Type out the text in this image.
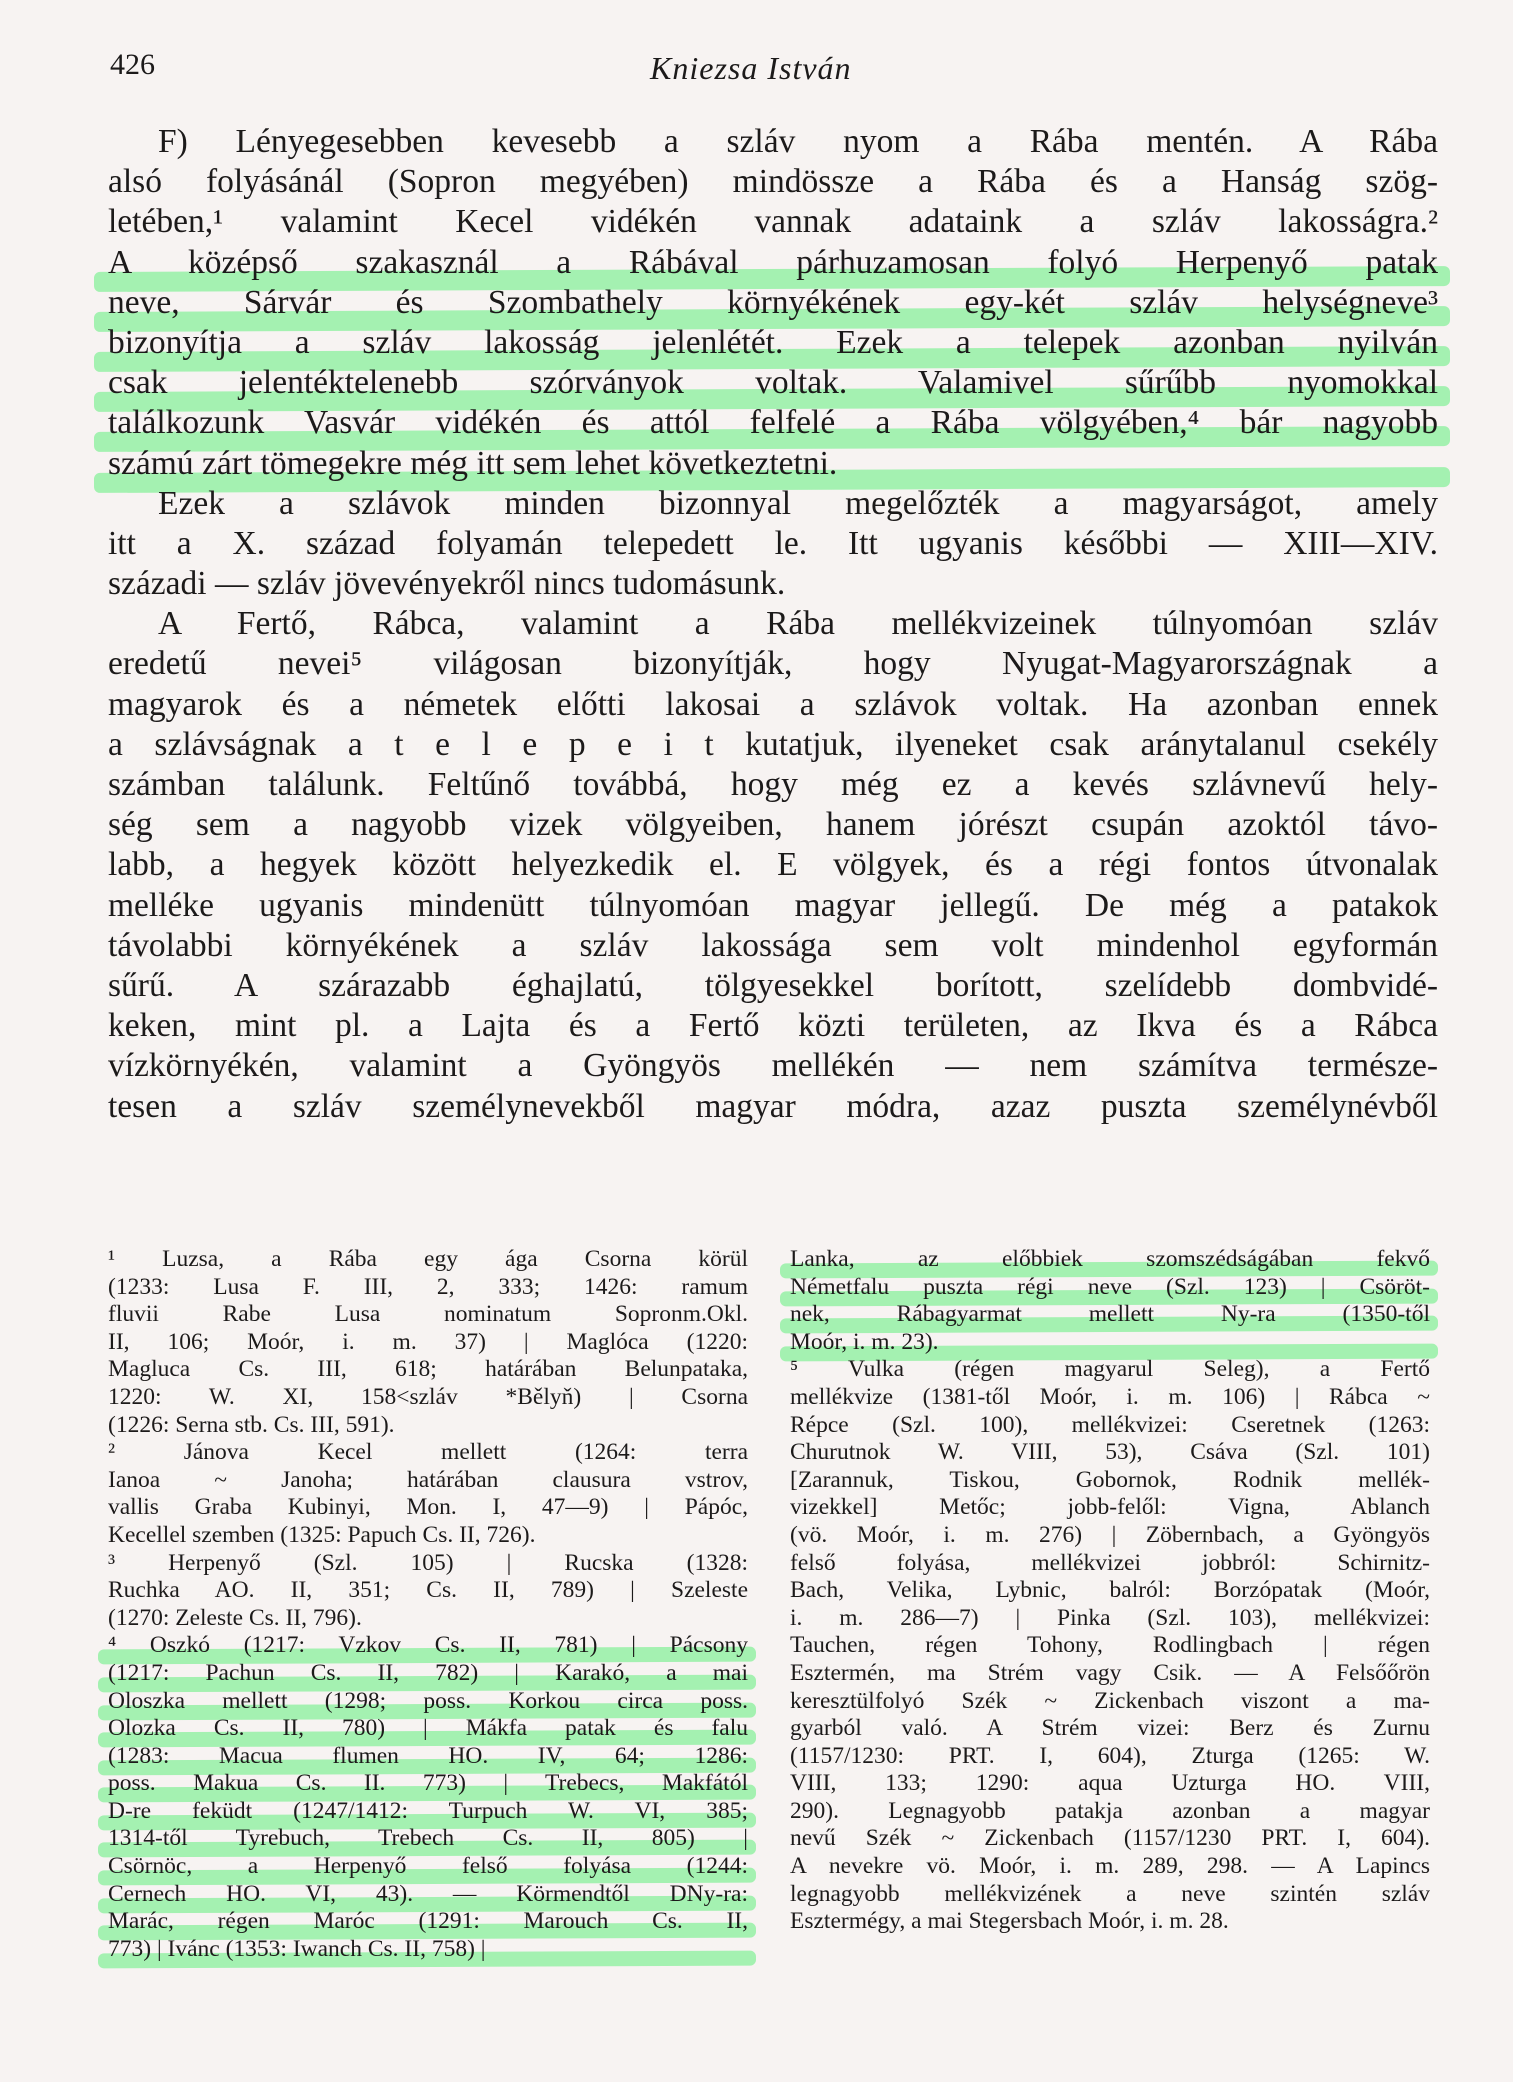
426	Kniezsa István
F) Lényegesebben kevesebb a szláv nyom a Rába mentén. A Rába
alsó folyásánál (Sopron megyében) mindössze a Rába és a Hanság szög-
letében,¹ valamint Kecel vidékén vannak adataink a szláv lakosságra.²
A középső szakasznál a Rábával párhuzamosan folyó Herpenyő patak
neve, Sárvár és Szombathely környékének egy-két szláv helységneve³
bizonyítja a szláv lakosság jelenlétét. Ezek a telepek azonban nyilván
csak jelentéktelenebb szórványok voltak. Valamivel sűrűbb nyomokkal
találkozunk Vasvár vidékén és attól felfelé a Rába völgyében,⁴ bár nagyobb
számú zárt tömegekre még itt sem lehet következtetni.
Ezek a szlávok minden bizonnyal megelőzték a magyarságot, amely
itt a X. század folyamán telepedett le. Itt ugyanis későbbi — XIII—XIV.
századi — szláv jövevényekről nincs tudomásunk.
A Fertő, Rábca, valamint a Rába mellékvizeinek túlnyomóan szláv
eredetű nevei⁵ világosan bizonyítják, hogy Nyugat-Magyarországnak a
magyarok és a németek előtti lakosai a szlávok voltak. Ha azonban ennek
a szlávságnak a t e l e p e i t kutatjuk, ilyeneket csak aránytalanul csekély
számban találunk. Feltűnő továbbá, hogy még ez a kevés szlávnevű hely-
ség sem a nagyobb vizek völgyeiben, hanem jórészt csupán azoktól távo-
labb, a hegyek között helyezkedik el. E völgyek, és a régi fontos útvonalak
melléke ugyanis mindenütt túlnyomóan magyar jellegű. De még a patakok
távolabbi környékének a szláv lakossága sem volt mindenhol egyformán
sűrű. A szárazabb éghajlatú, tölgyesekkel borított, szelídebb dombvidé-
keken, mint pl. a Lajta és a Fertő közti területen, az Ikva és a Rábca
vízkörnyékén, valamint a Gyöngyös mellékén — nem számítva természe-
tesen a szláv személynevekből magyar módra, azaz puszta személynévből
¹ Luzsa, a Rába egy ága Csorna körül
(1233: Lusa F. III, 2, 333; 1426: ramum
fluvii Rabe Lusa nominatum Sopronm.Okl.
II, 106; Moór, i. m. 37) | Maglóca (1220:
Magluca Cs. III, 618; határában Belunpataka,
1220: W. XI, 158<szláv *Bělyň) | Csorna
(1226: Serna stb. Cs. III, 591).
² Jánova Kecel mellett (1264: terra
Ianoa ~ Janoha; határában clausura vstrov,
vallis Graba Kubinyi, Mon. I, 47—9) | Pápóc,
Kecellel szemben (1325: Papuch Cs. II, 726).
³ Herpenyő (Szl. 105) | Rucska (1328:
Ruchka AO. II, 351; Cs. II, 789) | Szeleste
(1270: Zeleste Cs. II, 796).
⁴ Oszkó (1217: Vzkov Cs. II, 781) | Pácsony
(1217: Pachun Cs. II, 782) | Karakó, a mai
Oloszka mellett (1298; poss. Korkou circa poss.
Olozka Cs. II, 780) | Mákfa patak és falu
(1283: Macua flumen HO. IV, 64; 1286:
poss. Makua Cs. II. 773) | Trebecs, Makfától
D-re feküdt (1247/1412: Turpuch W. VI, 385;
1314-től Tyrebuch, Trebech Cs. II, 805) |
Csörnöc, a Herpenyő felső folyása (1244:
Cernech HO. VI, 43). — Körmendtől DNy-ra:
Marác, régen Maróc (1291: Marouch Cs. II,
773) | Ivánc (1353: Iwanch Cs. II, 758) |
Lanka, az előbbiek szomszédságában fekvő
Németfalu puszta régi neve (Szl. 123) | Csöröt-
nek, Rábagyarmat mellett Ny-ra (1350-től
Moór, i. m. 23).
⁵ Vulka (régen magyarul Seleg), a Fertő
mellékvize (1381-től Moór, i. m. 106) | Rábca ~
Répce (Szl. 100), mellékvizei: Cseretnek (1263:
Churutnok W. VIII, 53), Csáva (Szl. 101)
[Zarannuk, Tiskou, Gobornok, Rodnik mellék-
vizekkel] Metőc; jobb-felől: Vigna, Ablanch
(vö. Moór, i. m. 276) | Zöbernbach, a Gyöngyös
felső folyása, mellékvizei jobbról: Schirnitz-
Bach, Velika, Lybnic, balról: Borzópatak (Moór,
i. m. 286—7) | Pinka (Szl. 103), mellékvizei:
Tauchen, régen Tohony, Rodlingbach | régen
Esztermén, ma Strém vagy Csik. — A Felsőőrön
keresztülfolyó Szék ~ Zickenbach viszont a ma-
gyarból való. A Strém vizei: Berz és Zurnu
(1157/1230: PRT. I, 604), Zturga (1265: W.
VIII, 133; 1290: aqua Uzturga HO. VIII,
290). Legnagyobb patakja azonban a magyar
nevű Szék ~ Zickenbach (1157/1230 PRT. I, 604).
A nevekre vö. Moór, i. m. 289, 298. — A Lapincs
legnagyobb mellékvizének a neve szintén szláv
Esztermégy, a mai Stegersbach Moór, i. m. 28.
